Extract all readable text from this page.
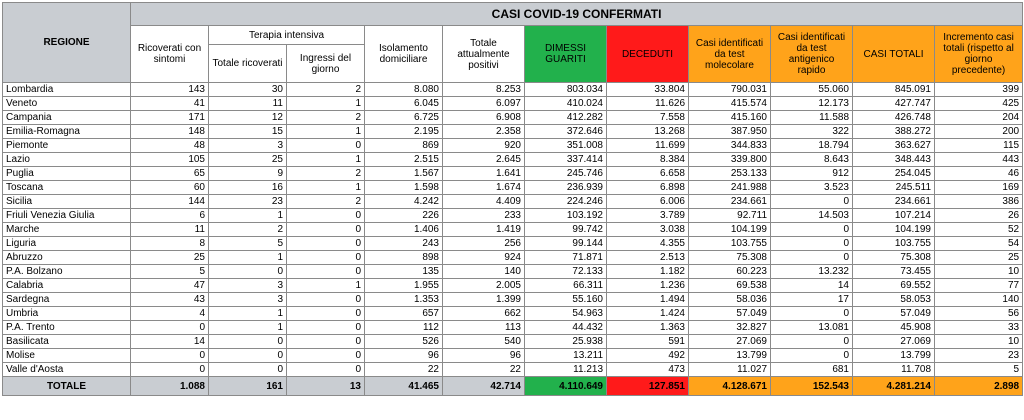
REGIONE	CASI COVID-19 CONFERMATI										
	Ricoverati con sintomi	Terapia intensiva		Isolamento domiciliare	Totale attualmente positivi	DIMESSI GUARITI	DECEDUTI	Casi identificati da test molecolare	Casi identificati da test antigenico rapido	CASI TOTALI	Incremento casi totali (rispetto al giorno precedente)
		Totale ricoverati	Ingressi del giorno								
Lombardia	143	30	2	8.080	8.253	803.034	33.804	790.031	55.060	845.091	399
Veneto	41	11	1	6.045	6.097	410.024	11.626	415.574	12.173	427.747	425
Campania	171	12	2	6.725	6.908	412.282	7.558	415.160	11.588	426.748	204
Emilia-Romagna	148	15	1	2.195	2.358	372.646	13.268	387.950	322	388.272	200
Piemonte	48	3	0	869	920	351.008	11.699	344.833	18.794	363.627	115
Lazio	105	25	1	2.515	2.645	337.414	8.384	339.800	8.643	348.443	443
Puglia	65	9	2	1.567	1.641	245.746	6.658	253.133	912	254.045	46
Toscana	60	16	1	1.598	1.674	236.939	6.898	241.988	3.523	245.511	169
Sicilia	144	23	2	4.242	4.409	224.246	6.006	234.661	0	234.661	386
Friuli Venezia Giulia	6	1	0	226	233	103.192	3.789	92.711	14.503	107.214	26
Marche	11	2	0	1.406	1.419	99.742	3.038	104.199	0	104.199	52
Liguria	8	5	0	243	256	99.144	4.355	103.755	0	103.755	54
Abruzzo	25	1	0	898	924	71.871	2.513	75.308	0	75.308	25
P.A. Bolzano	5	0	0	135	140	72.133	1.182	60.223	13.232	73.455	10
Calabria	47	3	1	1.955	2.005	66.311	1.236	69.538	14	69.552	77
Sardegna	43	3	0	1.353	1.399	55.160	1.494	58.036	17	58.053	140
Umbria	4	1	0	657	662	54.963	1.424	57.049	0	57.049	56
P.A. Trento	0	1	0	112	113	44.432	1.363	32.827	13.081	45.908	33
Basilicata	14	0	0	526	540	25.938	591	27.069	0	27.069	10
Molise	0	0	0	96	96	13.211	492	13.799	0	13.799	23
Valle d'Aosta	0	0	0	22	22	11.213	473	11.027	681	11.708	5
TOTALE	1.088	161	13	41.465	42.714	4.110.649	127.851	4.128.671	152.543	4.281.214	2.898
